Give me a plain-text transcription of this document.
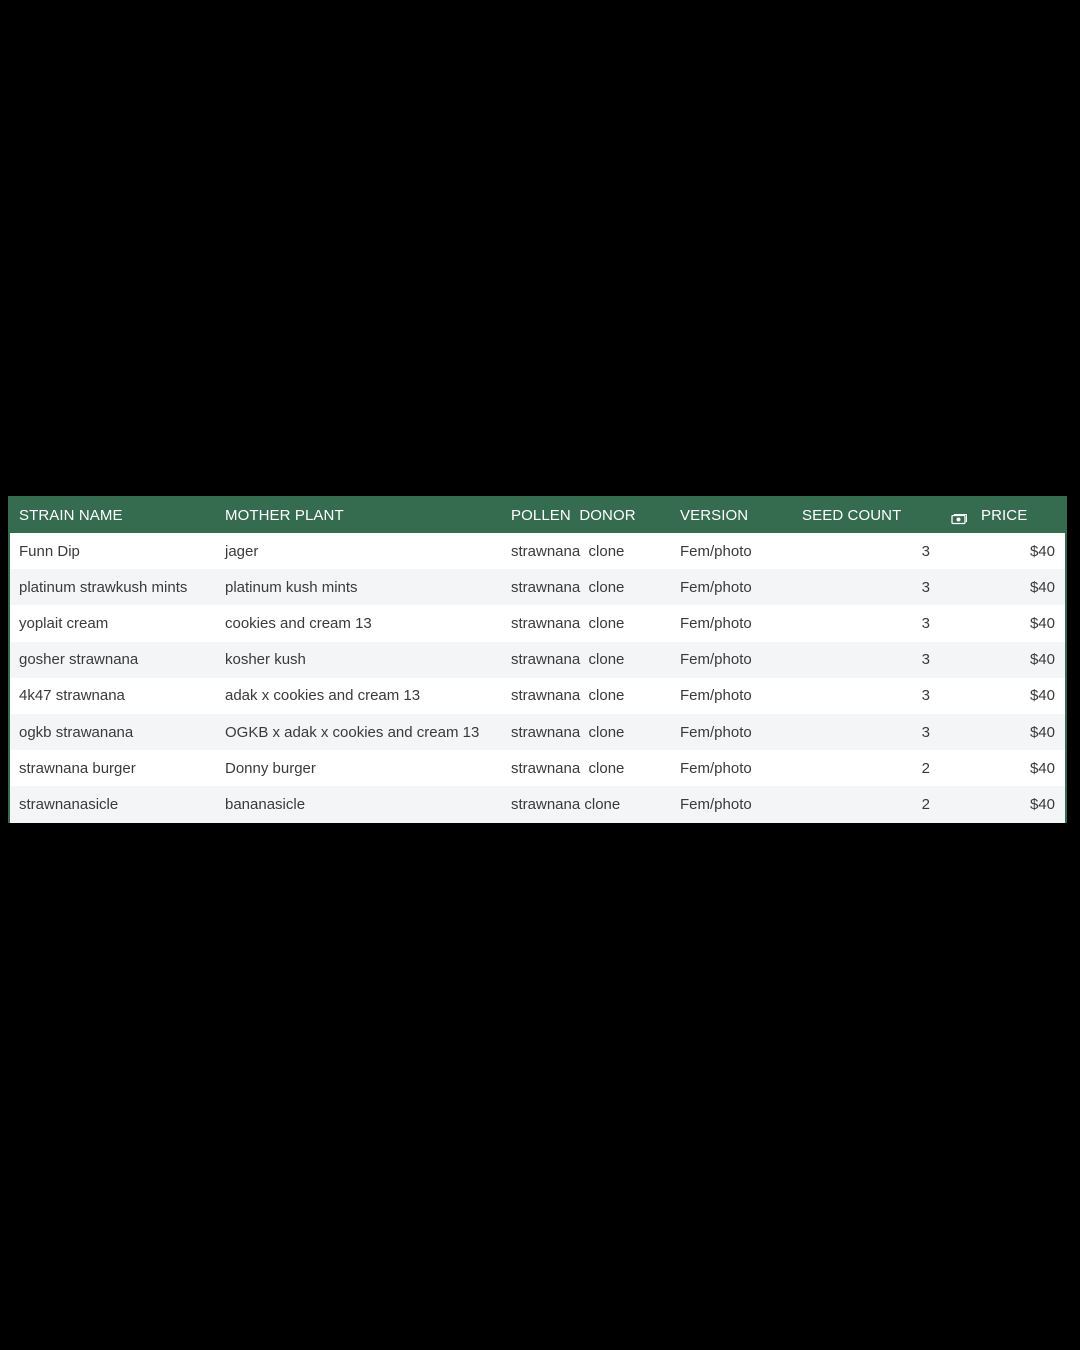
STRAIN NAME	MOTHER PLANT	POLLEN  DONOR	VERSION	SEED COUNT	PRICE

Funn Dip	jager	strawnana  clone	Fem/photo	3	$40
platinum strawkush mints	platinum kush mints	strawnana  clone	Fem/photo	3	$40
yoplait cream	cookies and cream 13	strawnana  clone	Fem/photo	3	$40
gosher strawnana	kosher kush	strawnana  clone	Fem/photo	3	$40
4k47 strawnana	adak x cookies and cream 13	strawnana  clone	Fem/photo	3	$40
ogkb strawanana	OGKB x adak x cookies and cream 13	strawnana  clone	Fem/photo	3	$40
strawnana burger	Donny burger	strawnana  clone	Fem/photo	2	$40
strawnanasicle	bananasicle	strawnana clone	Fem/photo	2	$40
